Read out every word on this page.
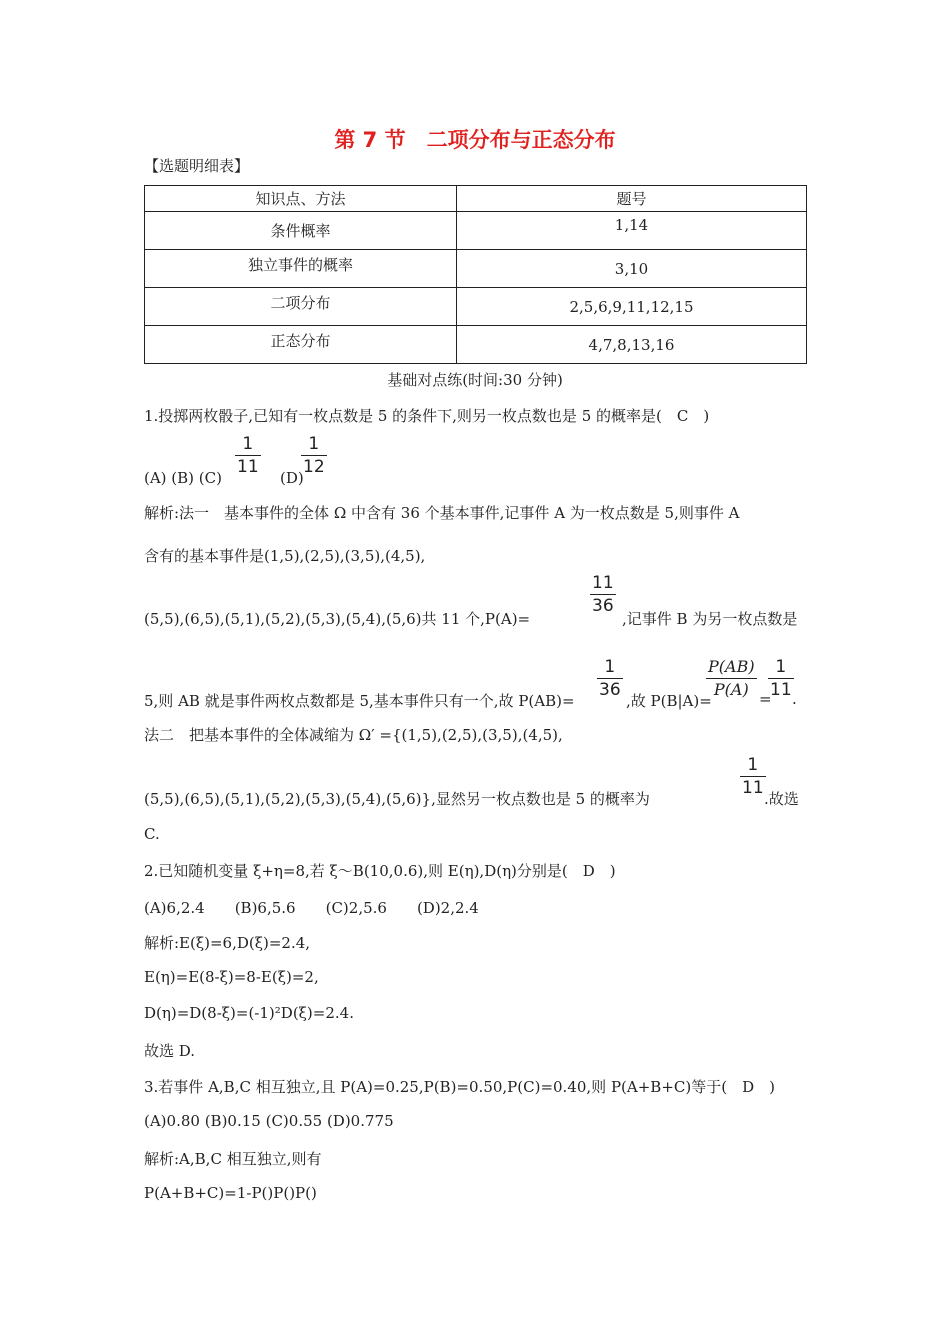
第 7 节　二项分布与正态分布
【选题明细表】
知识点、方法	题号
条件概率	1,14
独立事件的概率	3,10
二项分布	2,5,6,9,11,12,15
正态分布	4,7,8,13,16
基础对点练(时间:30 分钟)
1.投掷两枚骰子,已知有一枚点数是 5 的条件下,则另一枚点数也是 5 的概率是(　C　)
1
11
1
12
(A) (B) (C)	(D)
解析:法一　基本事件的全体 Ω 中含有 36 个基本事件,记事件 A 为一枚点数是 5,则事件 A
含有的基本事件是(1,5),(2,5),(3,5),(4,5),
(5,5),(6,5),(5,1),(5,2),(5,3),(5,4),(5,6)共 11 个,P(A)=
11
36
,记事件 B 为另一枚点数是
5,则 AB 就是事件两枚点数都是 5,基本事件只有一个,故 P(AB)=
1
36
,故 P(B|A)=
P(AB)
P(A) =
1
11 .
法二　把基本事件的全体减缩为 Ω′ ={(1,5),(2,5),(3,5),(4,5),
(5,5),(6,5),(5,1),(5,2),(5,3),(5,4),(5,6)},显然另一枚点数也是 5 的概率为
1
11
.故选
C.
2.已知随机变量 ξ+η=8,若 ξ～B(10,0.6),则 E(η),D(η)分别是(　D　)
(A)6,2.4　　(B)6,5.6　　(C)2,5.6　　(D)2,2.4
解析:E(ξ)=6,D(ξ)=2.4,
E(η)=E(8-ξ)=8-E(ξ)=2,
D(η)=D(8-ξ)=(-1)²D(ξ)=2.4.
故选 D.
3.若事件 A,B,C 相互独立,且 P(A)=0.25,P(B)=0.50,P(C)=0.40,则 P(A+B+C)等于(　D　)
(A)0.80 (B)0.15 (C)0.55 (D)0.775
解析:A,B,C 相互独立,则有
P(A+B+C)=1-P()P()P()
